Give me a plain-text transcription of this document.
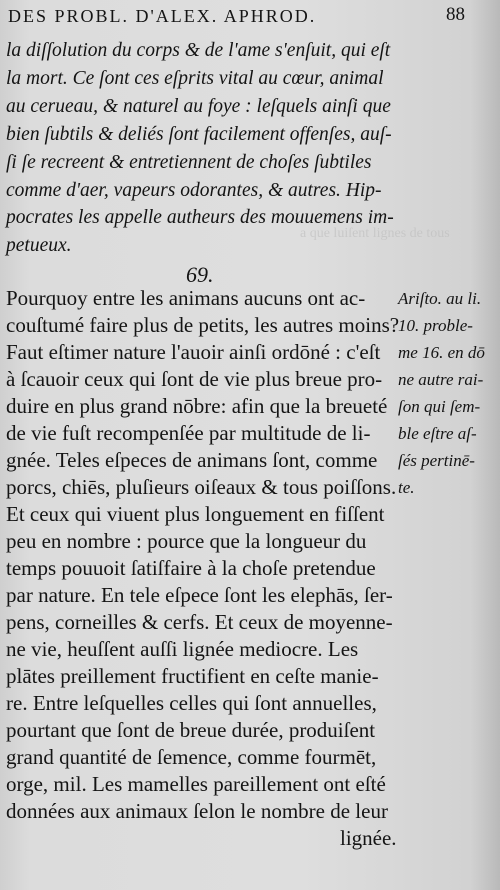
DES PROBL. D'ALEX. APHROD.	88
a que luiſent lignes de tous
la diſſolution du corps & de l'ame s'enſuit, qui eſt
la mort. Ce ſont ces eſprits vital au cœur, animal
au cerueau, & naturel au foye : leſquels ainſi que
bien ſubtils & deliés ſont facilement offenſes, auſ-
ſi ſe recreent & entretiennent de choſes ſubtiles
comme d'aer, vapeurs odorantes, & autres. Hip-
pocrates les appelle autheurs des mouuemens im-
petueux.
69.
Pourquoy entre les animans aucuns ont ac-
couſtumé faire plus de petits, les autres moins?
Faut eſtimer nature l'auoir ainſi ordōné : c'eſt
à ſcauoir ceux qui ſont de vie plus breue pro-
duire en plus grand nōbre: afin que la breueté
de vie fuſt recompenſée par multitude de li-
gnée. Teles eſpeces de animans ſont, comme
porcs, chiēs, pluſieurs oiſeaux & tous poiſſons.
Et ceux qui viuent plus longuement en fiſſent
peu en nombre : pource que la longueur du
temps pouuoit ſatiſfaire à la choſe pretendue
par nature. En tele eſpece ſont les elephās, ſer-
pens, corneilles & cerfs. Et ceux de moyenne-
ne vie, heuſſent auſſi lignée mediocre. Les
plātes preillement fructifient en ceſte manie-
re. Entre leſquelles celles qui ſont annuelles,
pourtant que ſont de breue durée, produiſent
grand quantité de ſemence, comme fourmēt,
orge, mil. Les mamelles pareillement ont eſté
données aux animaux ſelon le nombre de leur
lignée.
Ariſto. au li.
10. proble-
me 16. en dō
ne autre rai-
ſon qui ſem-
ble eſtre aſ-
ſés pertinē-
te.
